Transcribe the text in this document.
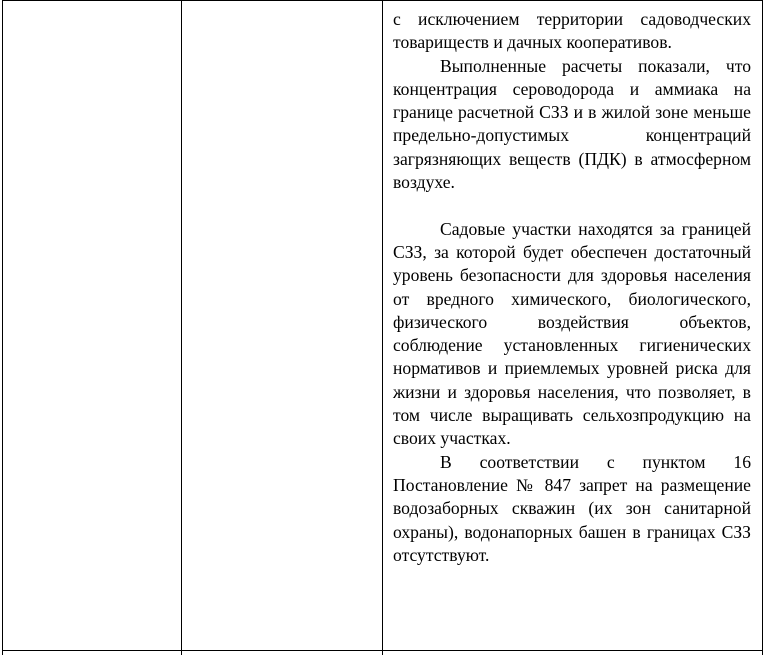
с исключением территории садоводческих товариществ и дачных кооперативов.

Выполненные расчеты показали, что концентрация сероводорода и аммиака на границе расчетной СЗЗ и в жилой зоне меньше предельно-допустимых концентраций загрязняющих веществ (ПДК) в атмосферном воздухе.

Садовые участки находятся за границей СЗЗ, за которой будет обеспечен достаточный уровень безопасности для здоровья населения от вредного химического, биологического, физического воздействия объектов, соблюдение установленных гигиенических нормативов и приемлемых уровней риска для жизни и здоровья населения, что позволяет, в том числе выращивать сельхозпродукцию на своих участках.

В соответствии с пунктом 16 Постановление № 847 запрет на размещение водозаборных скважин (их зон санитарной охраны), водонапорных башен в границах СЗЗ отсутствуют.
